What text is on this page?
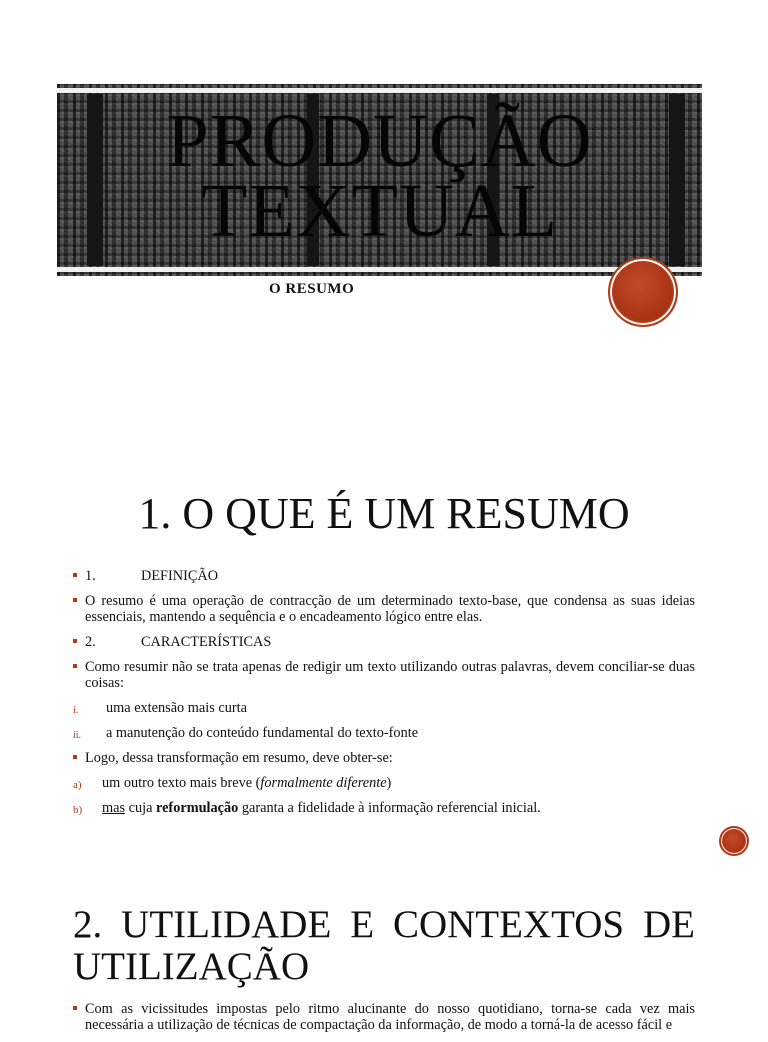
PRODUÇÃO
TEXTUAL
O RESUMO
1. O QUE É UM RESUMO
1.	DEFINIÇÃO
O resumo é uma operação de contracção de um determinado texto-base, que condensa as suas ideias essenciais, mantendo a sequência e o encadeamento lógico entre elas.
2.	CARACTERÍSTICAS
Como resumir não se trata apenas de redigir um texto utilizando outras palavras, devem conciliar-se duas coisas:
i. uma extensão mais curta
ii. a manutenção do conteúdo fundamental do texto-fonte
Logo, dessa transformação em resumo, deve obter-se:
a) um outro texto mais breve (formalmente diferente)
b) mas cuja reformulação garanta a fidelidade à informação referencial inicial.
2. UTILIDADE E CONTEXTOS DE UTILIZAÇÃO
Com as vicissitudes impostas pelo ritmo alucinante do nosso quotidiano, torna-se cada vez mais necessária a utilização de técnicas de compactação da informação, de modo a torná-la de acesso fácil e
